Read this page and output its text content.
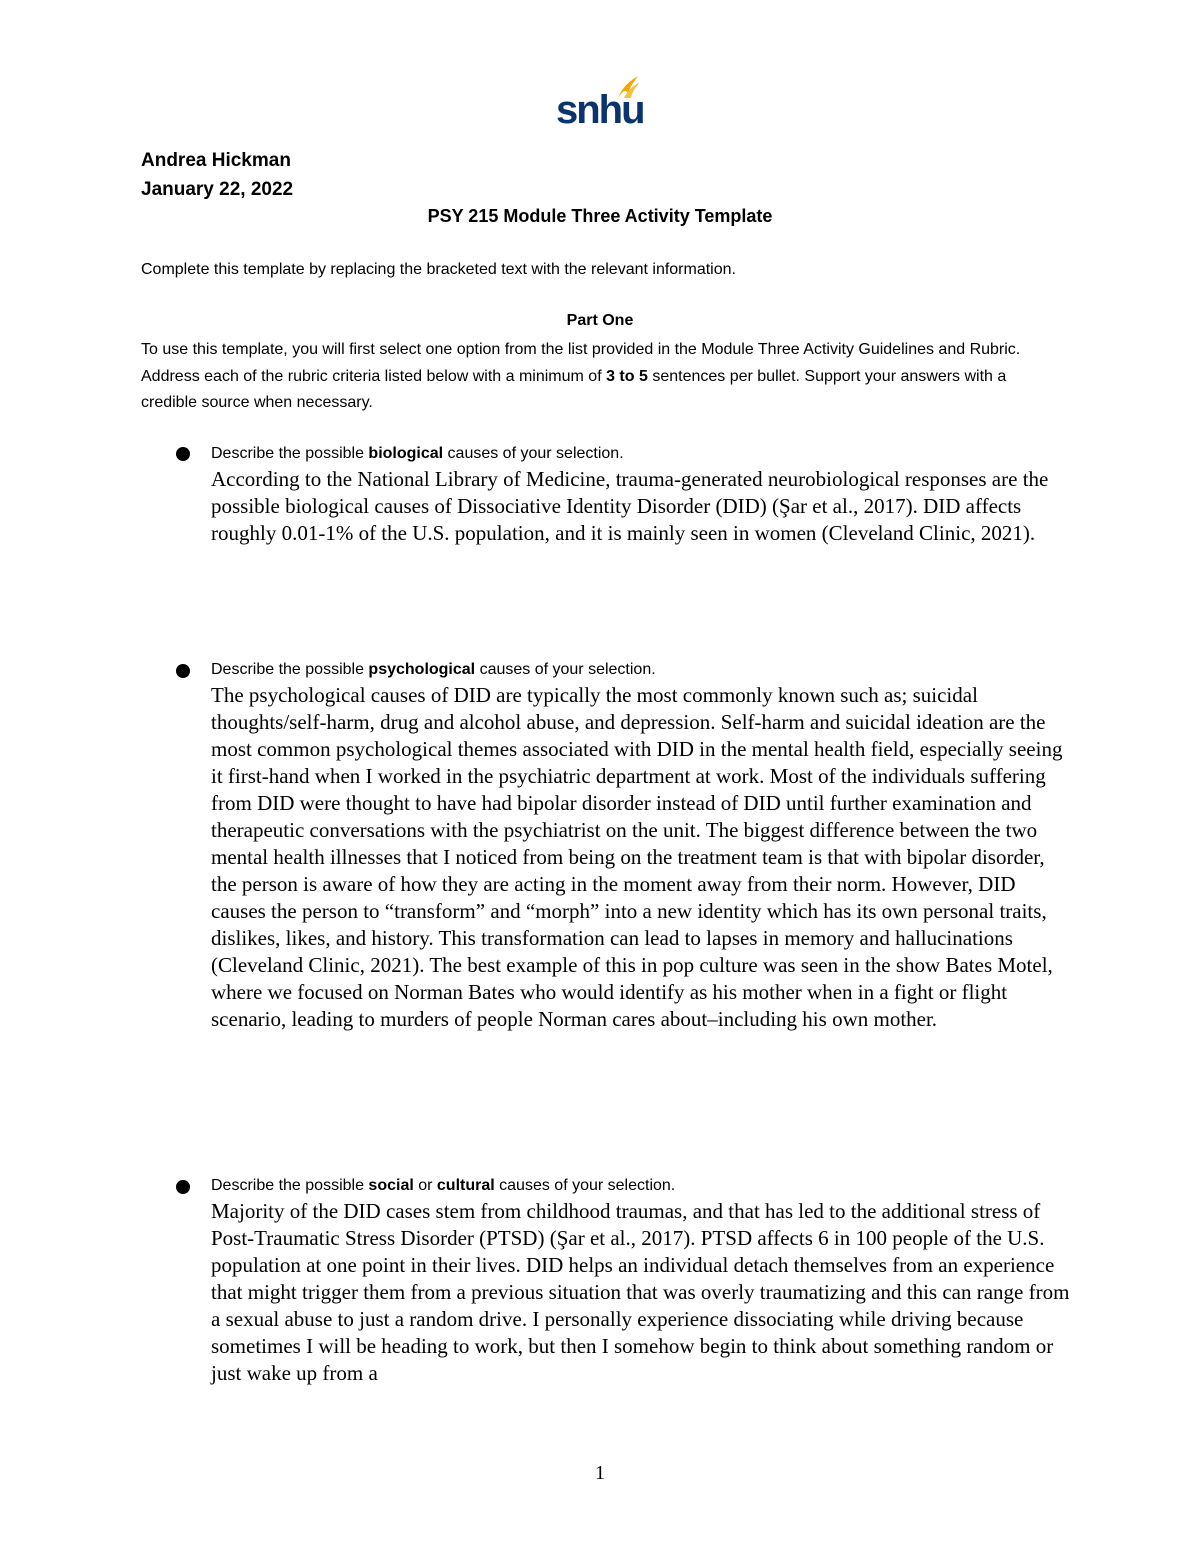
snhu
Andrea Hickman
January 22, 2022
PSY 215 Module Three Activity Template
Complete this template by replacing the bracketed text with the relevant information.
Part One
To use this template, you will first select one option from the list provided in the Module Three Activity Guidelines and Rubric. Address each of the rubric criteria listed below with a minimum of 3 to 5 sentences per bullet. Support your answers with a credible source when necessary.
Describe the possible biological causes of your selection.
According to the National Library of Medicine, trauma-generated neurobiological responses are the possible biological causes of Dissociative Identity Disorder (DID) (Şar et al., 2017). DID affects roughly 0.01-1% of the U.S. population, and it is mainly seen in women (Cleveland Clinic, 2021).
Describe the possible psychological causes of your selection.
The psychological causes of DID are typically the most commonly known such as; suicidal thoughts/self-harm, drug and alcohol abuse, and depression. Self-harm and suicidal ideation are the most common psychological themes associated with DID in the mental health field, especially seeing it first-hand when I worked in the psychiatric department at work. Most of the individuals suffering from DID were thought to have had bipolar disorder instead of DID until further examination and therapeutic conversations with the psychiatrist on the unit. The biggest difference between the two mental health illnesses that I noticed from being on the treatment team is that with bipolar disorder, the person is aware of how they are acting in the moment away from their norm. However, DID causes the person to “transform” and “morph” into a new identity which has its own personal traits, dislikes, likes, and history. This transformation can lead to lapses in memory and hallucinations (Cleveland Clinic, 2021). The best example of this in pop culture was seen in the show Bates Motel, where we focused on Norman Bates who would identify as his mother when in a fight or flight scenario, leading to murders of people Norman cares about–including his own mother.
Describe the possible social or cultural causes of your selection.
Majority of the DID cases stem from childhood traumas, and that has led to the additional stress of Post-Traumatic Stress Disorder (PTSD) (Şar et al., 2017). PTSD affects 6 in 100 people of the U.S. population at one point in their lives. DID helps an individual detach themselves from an experience that might trigger them from a previous situation that was overly traumatizing and this can range from a sexual abuse to just a random drive. I personally experience dissociating while driving because sometimes I will be heading to work, but then I somehow begin to think about something random or just wake up from a
1
